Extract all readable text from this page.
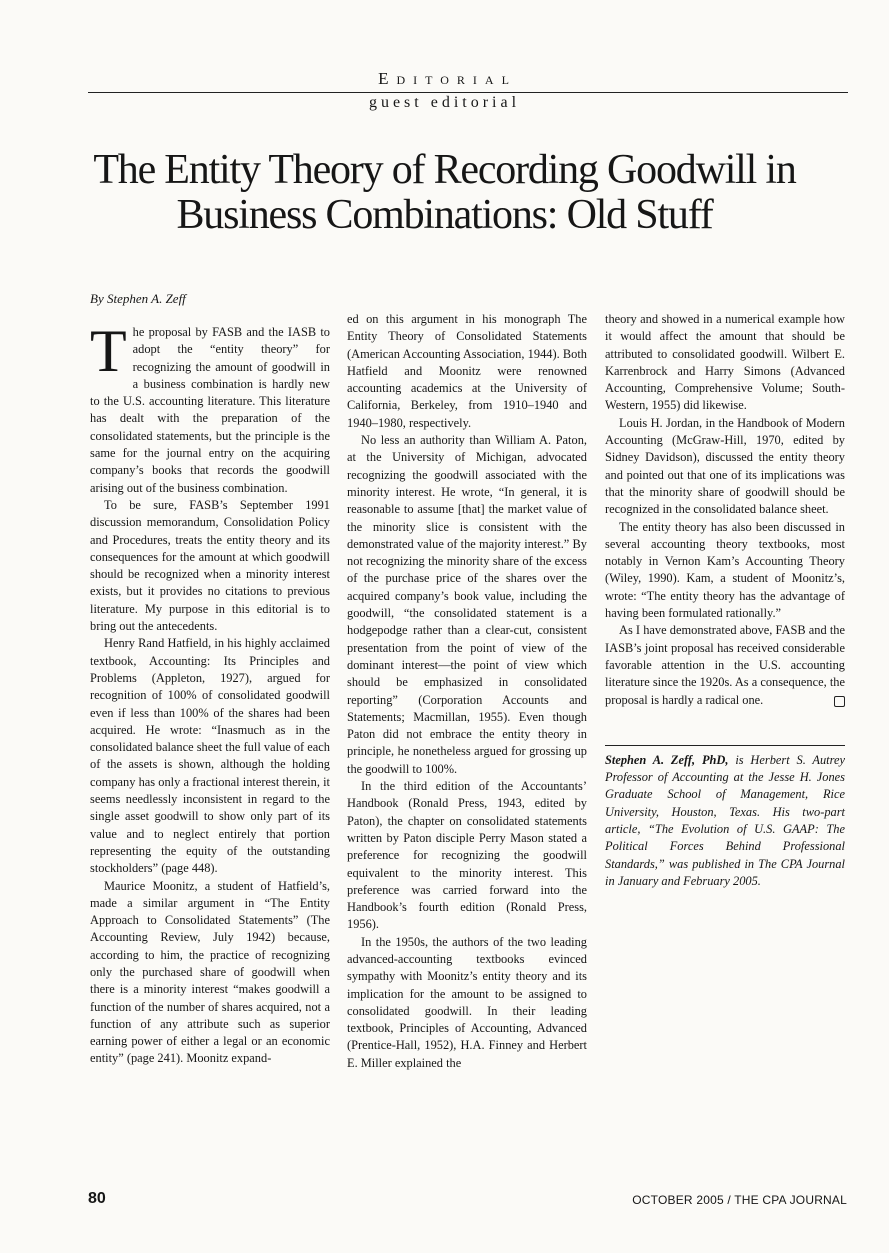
Editorial
guest editorial
The Entity Theory of Recording Goodwill in Business Combinations: Old Stuff
By Stephen A. Zeff

The proposal by FASB and the IASB to adopt the “entity theory” for recognizing the amount of goodwill in a business combination is hardly new to the U.S. accounting literature. This literature has dealt with the preparation of the consolidated statements, but the principle is the same for the journal entry on the acquiring company’s books that records the goodwill arising out of the business combination.

To be sure, FASB’s September 1991 discussion memorandum, Consolidation Policy and Procedures, treats the entity theory and its consequences for the amount at which goodwill should be recognized when a minority interest exists, but it provides no citations to previous literature. My purpose in this editorial is to bring out the antecedents.

Henry Rand Hatfield, in his highly acclaimed textbook, Accounting: Its Principles and Problems (Appleton, 1927), argued for recognition of 100% of consolidated goodwill even if less than 100% of the shares had been acquired. He wrote: “Inasmuch as in the consolidated balance sheet the full value of each of the assets is shown, although the holding company has only a fractional interest therein, it seems needlessly inconsistent in regard to the single asset goodwill to show only part of its value and to neglect entirely that portion representing the equity of the outstanding stockholders” (page 448).

Maurice Moonitz, a student of Hatfield’s, made a similar argument in “The Entity Approach to Consolidated Statements” (The Accounting Review, July 1942) because, according to him, the practice of recognizing only the purchased share of goodwill when there is a minority interest “makes goodwill a function of the number of shares acquired, not a function of any attribute such as superior earning power of either a legal or an economic entity” (page 241). Moonitz expand-

ed on this argument in his monograph The Entity Theory of Consolidated Statements (American Accounting Association, 1944). Both Hatfield and Moonitz were renowned accounting academics at the University of California, Berkeley, from 1910–1940 and 1940–1980, respectively.

No less an authority than William A. Paton, at the University of Michigan, advocated recognizing the goodwill associated with the minority interest. He wrote, “In general, it is reasonable to assume [that] the market value of the minority slice is consistent with the demonstrated value of the majority interest.” By not recognizing the minority share of the excess of the purchase price of the shares over the acquired company’s book value, including the goodwill, “the consolidated statement is a hodgepodge rather than a clear-cut, consistent presentation from the point of view of the dominant interest—the point of view which should be emphasized in consolidated reporting” (Corporation Accounts and Statements; Macmillan, 1955). Even though Paton did not embrace the entity theory in principle, he nonetheless argued for grossing up the goodwill to 100%.

In the third edition of the Accountants’ Handbook (Ronald Press, 1943, edited by Paton), the chapter on consolidated statements written by Paton disciple Perry Mason stated a preference for recognizing the goodwill equivalent to the minority interest. This preference was carried forward into the Handbook’s fourth edition (Ronald Press, 1956).

In the 1950s, the authors of the two leading advanced-accounting textbooks evinced sympathy with Moonitz’s entity theory and its implication for the amount to be assigned to consolidated goodwill. In their leading textbook, Principles of Accounting, Advanced (Prentice-Hall, 1952), H.A. Finney and Herbert E. Miller explained the

theory and showed in a numerical example how it would affect the amount that should be attributed to consolidated goodwill. Wilbert E. Karrenbrock and Harry Simons (Advanced Accounting, Comprehensive Volume; South-Western, 1955) did likewise.

Louis H. Jordan, in the Handbook of Modern Accounting (McGraw-Hill, 1970, edited by Sidney Davidson), discussed the entity theory and pointed out that one of its implications was that the minority share of goodwill should be recognized in the consolidated balance sheet.

The entity theory has also been discussed in several accounting theory textbooks, most notably in Vernon Kam’s Accounting Theory (Wiley, 1990). Kam, a student of Moonitz’s, wrote: “The entity theory has the advantage of having been formulated rationally.”

As I have demonstrated above, FASB and the IASB’s joint proposal has received considerable favorable attention in the U.S. accounting literature since the 1920s. As a consequence, the proposal is hardly a radical one.

Stephen A. Zeff, PhD, is Herbert S. Autrey Professor of Accounting at the Jesse H. Jones Graduate School of Management, Rice University, Houston, Texas. His two-part article, “The Evolution of U.S. GAAP: The Political Forces Behind Professional Standards,” was published in The CPA Journal in January and February 2005.

80	OCTOBER 2005 / THE CPA JOURNAL
